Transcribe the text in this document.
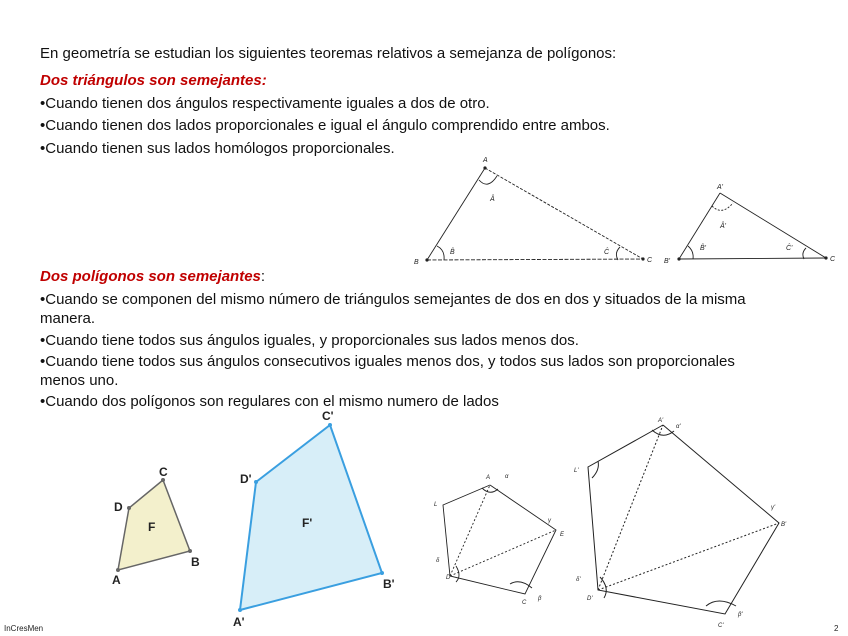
En geometría se estudian los siguientes teoremas relativos a semejanza de polígonos:
Dos triángulos son semejantes:
•Cuando tienen dos ángulos respectivamente iguales a dos de otro.
•Cuando tienen dos lados proporcionales e igual el ángulo comprendido entre ambos.
•Cuando tienen sus lados homólogos proporcionales.
A
B	C
Â
B̂	Ĉ
A'
B'	C
Â'
B̂'	Ĉ'
Dos polígonos son semejantes:
•Cuando se componen del mismo número de triángulos semejantes de dos en dos y situados de la misma
manera.
•Cuando tiene todos sus ángulos iguales, y proporcionales sus lados menos dos.
•Cuando tiene todos sus ángulos consecutivos iguales menos dos, y todos sus lados son proporcionales
menos uno.
•Cuando dos polígonos son regulares con el mismo numero de lados
A
D
C
B
F
A'
D'
C'
B'
F'
A
E
C
D
L
α
γ
β
δ
A'
B'
C'
D'
L'
α'
γ'
β'
δ'
InCresMen	2
